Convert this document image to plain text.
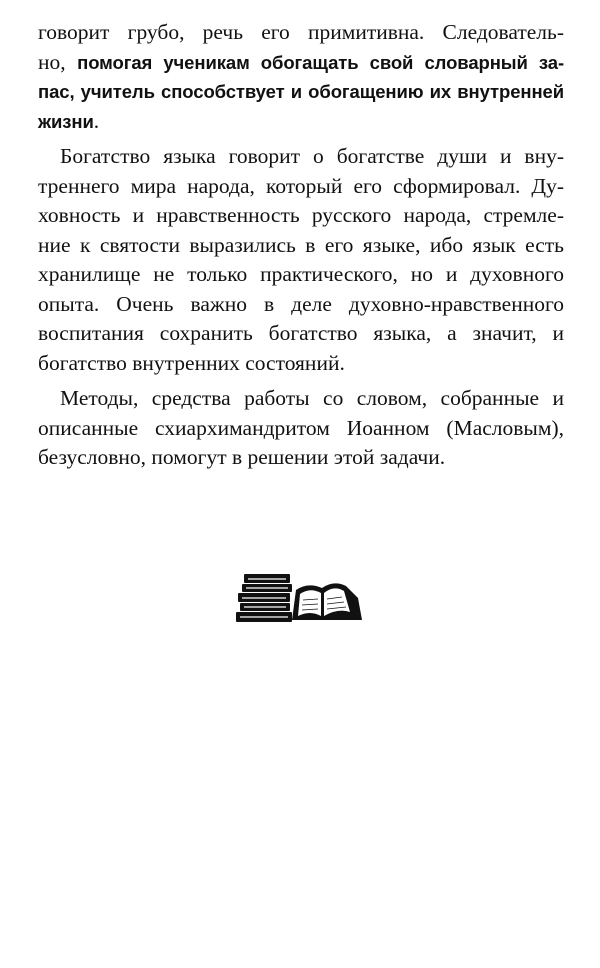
говорит грубо, речь его примитивна. Следователь-
но, помогая ученикам обогащать свой словарный за-
пас, учитель способствует и обогащению их внутренней
жизни.

Богатство языка говорит о богатстве души и вну-
треннего мира народа, который его сформировал. Ду-
ховность и нравственность русского народа, стремле-
ние к святости выразились в его языке, ибо язык есть
хранилище не только практического, но и духовного
опыта. Очень важно в деле духовно-нравственного
воспитания сохранить богатство языка, а значит, и
богатство внутренних состояний.

Методы, средства работы со словом, собранные и
описанные схиархимандритом Иоанном (Масловым),
безусловно, помогут в решении этой задачи.
